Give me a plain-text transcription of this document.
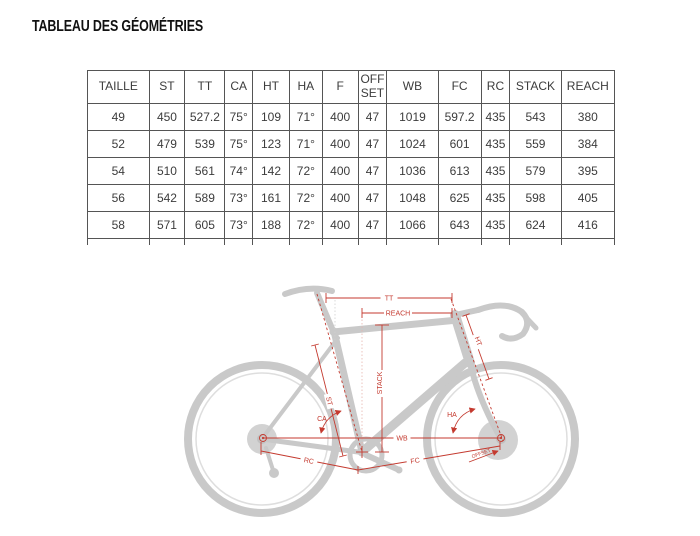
TABLEAU DES GÉOMÉTRIES
TAILLE	ST	TT	CA	HT	HA	F	OFF SET	WB	FC	RC	STACK	REACH
49	450	527.2	75°	109	71°	400	47	1019	597.2	435	543	380
52	479	539	75°	123	71°	400	47	1024	601	435	559	384
54	510	561	74°	142	72°	400	47	1036	613	435	579	395
56	542	589	73°	161	72°	400	47	1048	625	435	598	405
58	571	605	73°	188	72°	400	47	1066	643	435	624	416

TT
REACH
STACK
ST
CA
HT
HA
WB
RC	FC
OFFSET
